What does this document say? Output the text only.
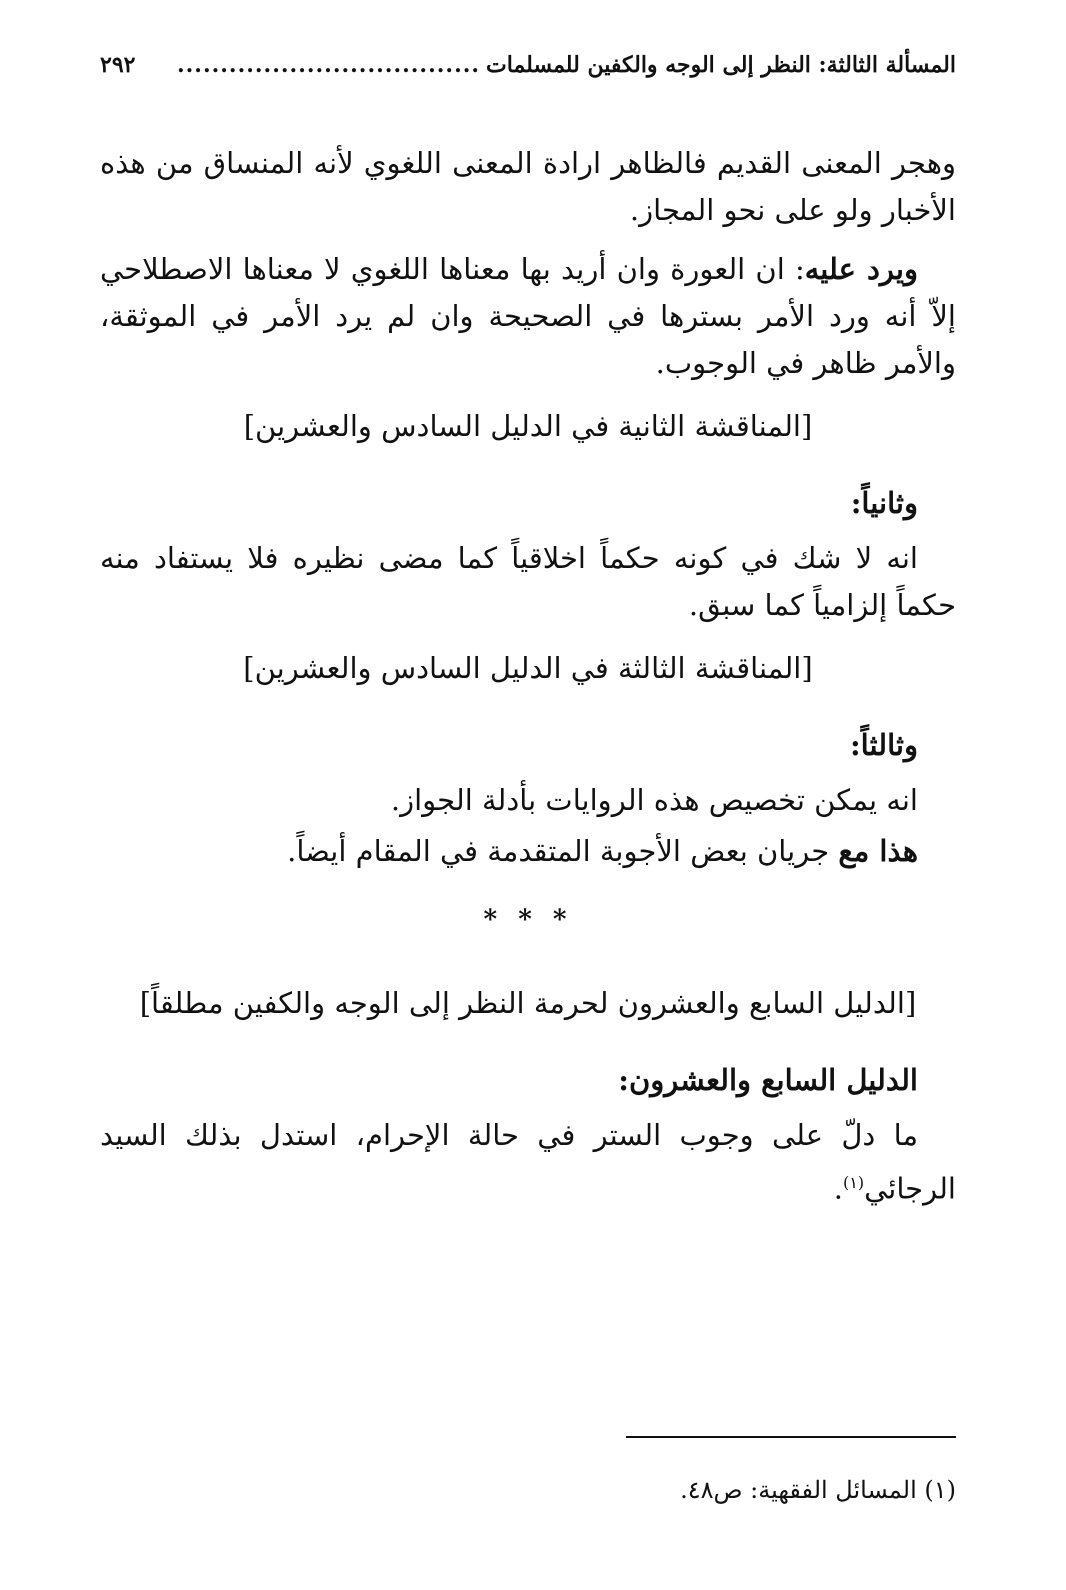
المسألة الثالثة: النظر إلى الوجه والكفين للمسلمات
...................................
٢٩٢

وهجر المعنى القديم فالظاهر ارادة المعنى اللغوي لأنه المنساق من هذه الأخبار ولو على نحو المجاز.

ويرد عليه: ان العورة وان أريد بها معناها اللغوي لا معناها الاصطلاحي إلاّ أنه ورد الأمر بسترها في الصحيحة وان لم يرد الأمر في الموثقة، والأمر ظاهر في الوجوب.

[المناقشة الثانية في الدليل السادس والعشرين]
وثانياً:

انه لا شك في كونه حكماً اخلاقياً كما مضى نظيره فلا يستفاد منه حكماً إلزامياً كما سبق.

[المناقشة الثالثة في الدليل السادس والعشرين]
وثالثاً:
انه يمكن تخصيص هذه الروايات بأدلة الجواز.
هذا مع جريان بعض الأجوبة المتقدمة في المقام أيضاً.
* * *
[الدليل السابع والعشرون لحرمة النظر إلى الوجه والكفين مطلقاً]
الدليل السابع والعشرون:

ما دلّ على وجوب الستر في حالة الإحرام، استدل بذلك السيد الرجائي$^{(١)}$.

(١) المسائل الفقهية: ص٤٨.
